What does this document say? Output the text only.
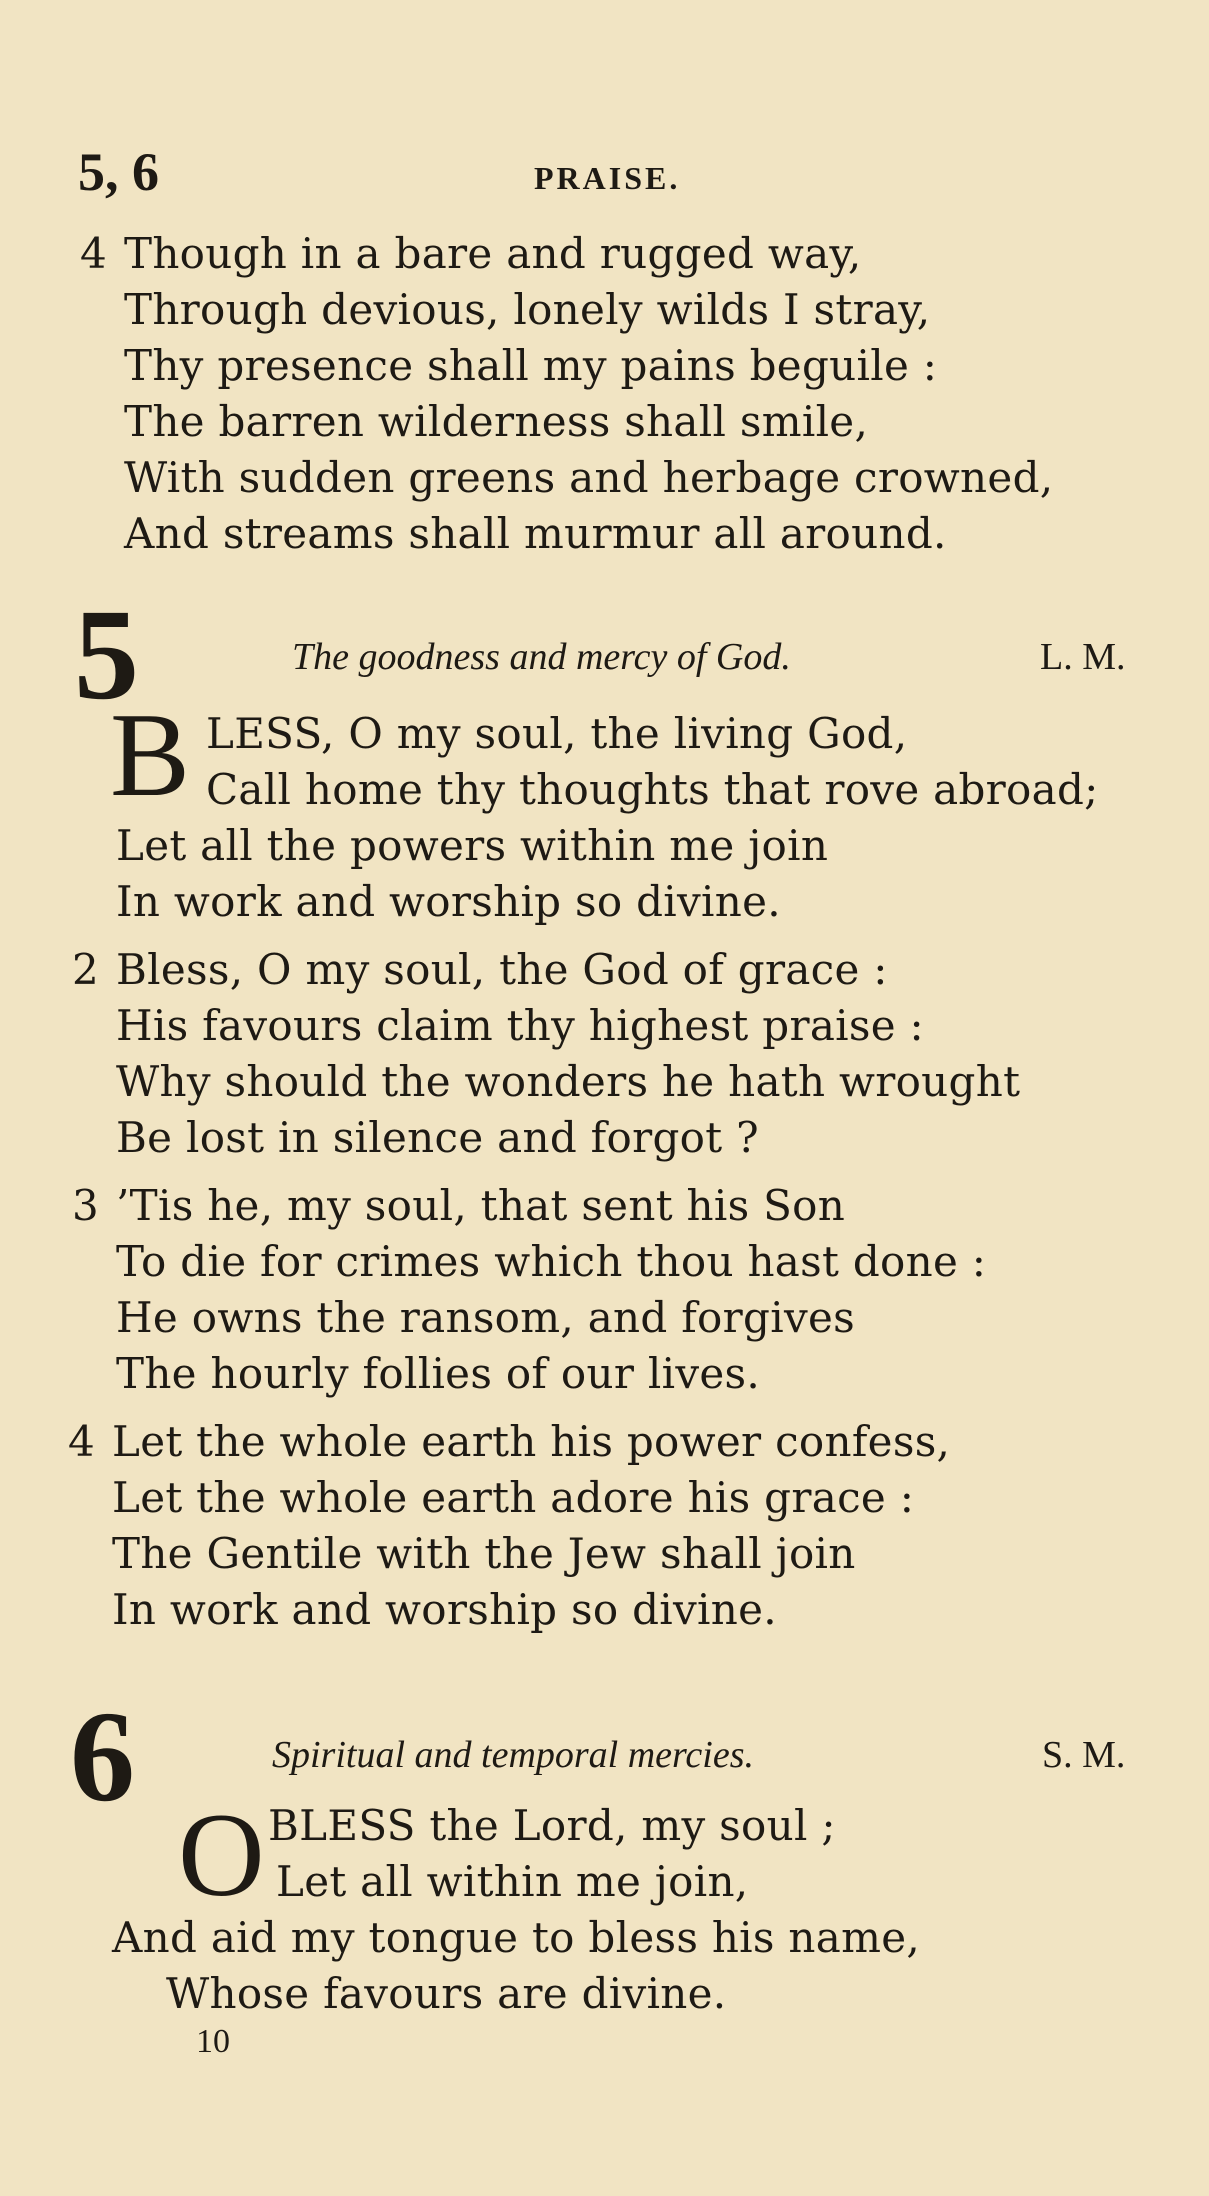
5, 6	PRAISE.
4 Though in a bare and rugged way,
Through devious, lonely wilds I stray,
Thy presence shall my pains beguile :
The barren wilderness shall smile,
With sudden greens and herbage crowned,
And streams shall murmur all around.
5	The goodness and mercy of God.	L. M.
B LESS, O my soul, the living God,
Call home thy thoughts that rove abroad;
Let all the powers within me join
In work and worship so divine.
2 Bless, O my soul, the God of grace :
His favours claim thy highest praise :
Why should the wonders he hath wrought
Be lost in silence and forgot ?
3 ’Tis he, my soul, that sent his Son
To die for crimes which thou hast done :
He owns the ransom, and forgives
The hourly follies of our lives.
4 Let the whole earth his power confess,
Let the whole earth adore his grace :
The Gentile with the Jew shall join
In work and worship so divine.
6	Spiritual and temporal mercies.	S. M.
O BLESS the Lord, my soul ;
Let all within me join,
And aid my tongue to bless his name,
Whose favours are divine.
10
